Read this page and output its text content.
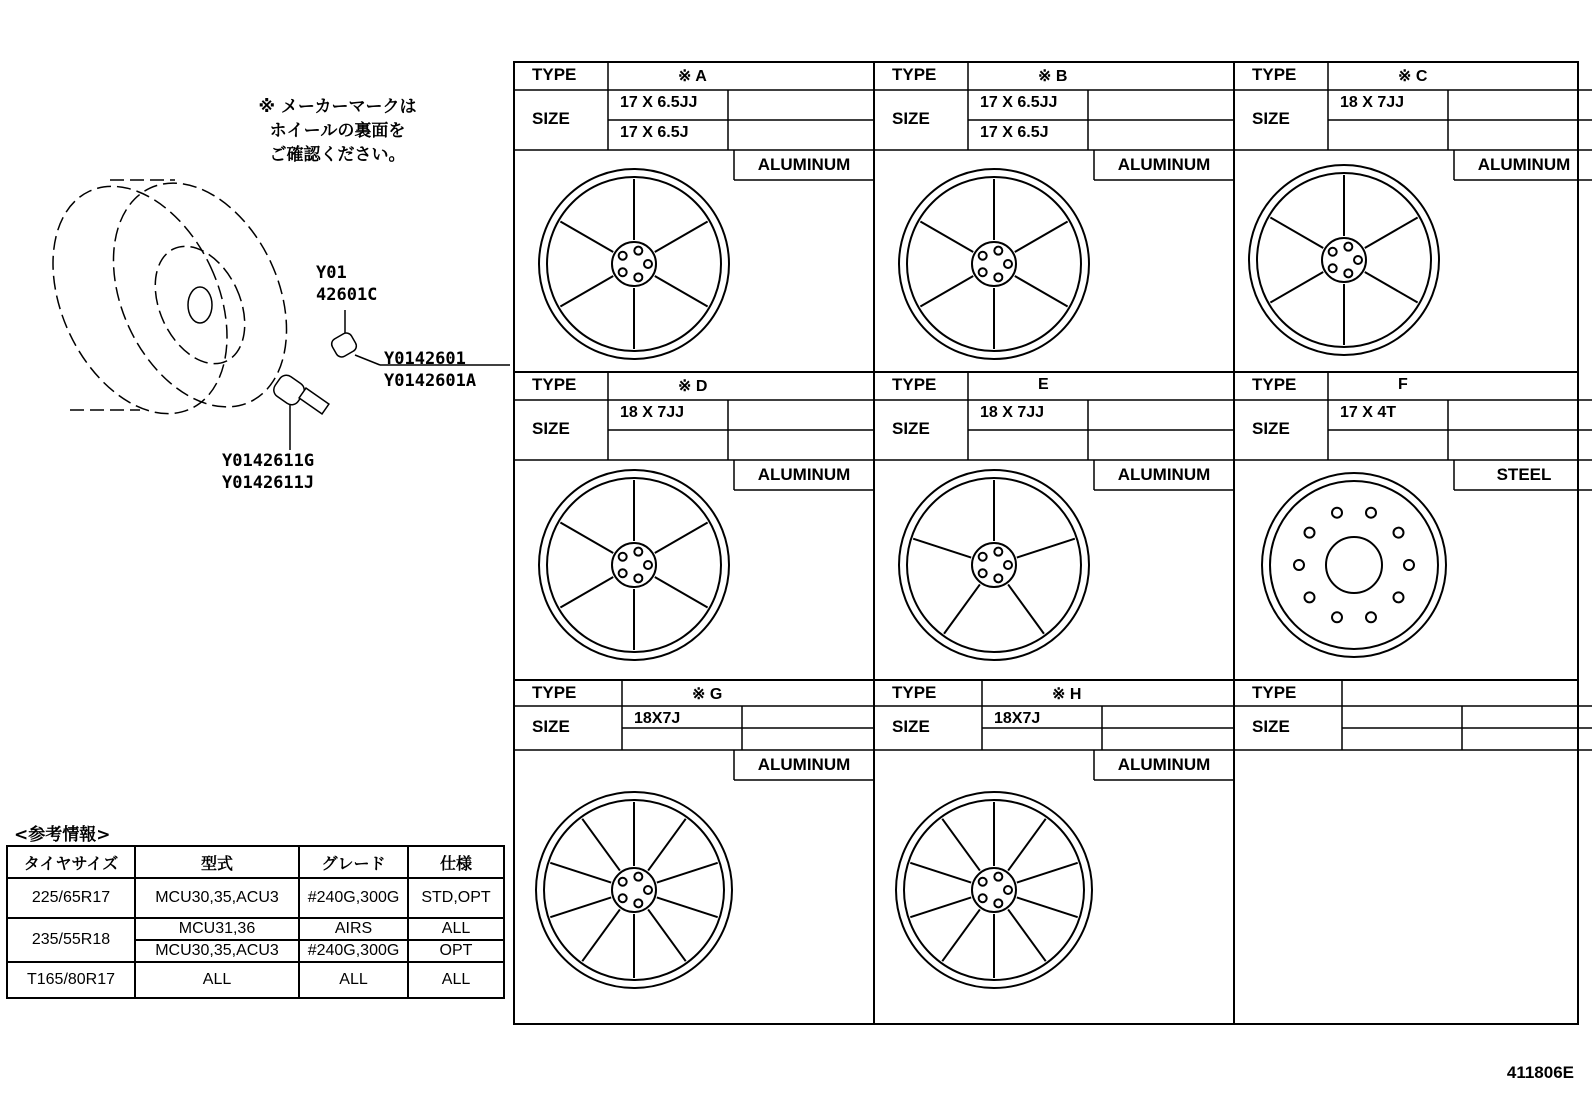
※ メーカーマークは
ホイールの裏面を
ご確認ください。
Y01
42601C
Y0142601
Y0142601A
Y0142611G
Y0142611J
<参考情報>
タイヤサイズ	型式	グレード	仕様
225/65R17	MCU30,35,ACU3	#240G,300G	STD,OPT
235/55R18	MCU31,36	AIRS	ALL
	MCU30,35,ACU3	#240G,300G	OPT
T165/80R17	ALL	ALL	ALL
TYPE
SIZE
※ A
17 X 6.5JJ
17 X 6.5J
ALUMINUM
TYPE
SIZE
※ B
17 X 6.5JJ
17 X 6.5J
ALUMINUM
TYPE
SIZE
※ C
18 X 7JJ
ALUMINUM
TYPE
SIZE
※ D
18 X 7JJ
ALUMINUM
TYPE
SIZE
E
18 X 7JJ
ALUMINUM
TYPE
SIZE
F
17 X 4T
STEEL
TYPE
SIZE
※ G
18X7J
ALUMINUM
TYPE
SIZE
※ H
18X7J
ALUMINUM
TYPE
SIZE
411806E
